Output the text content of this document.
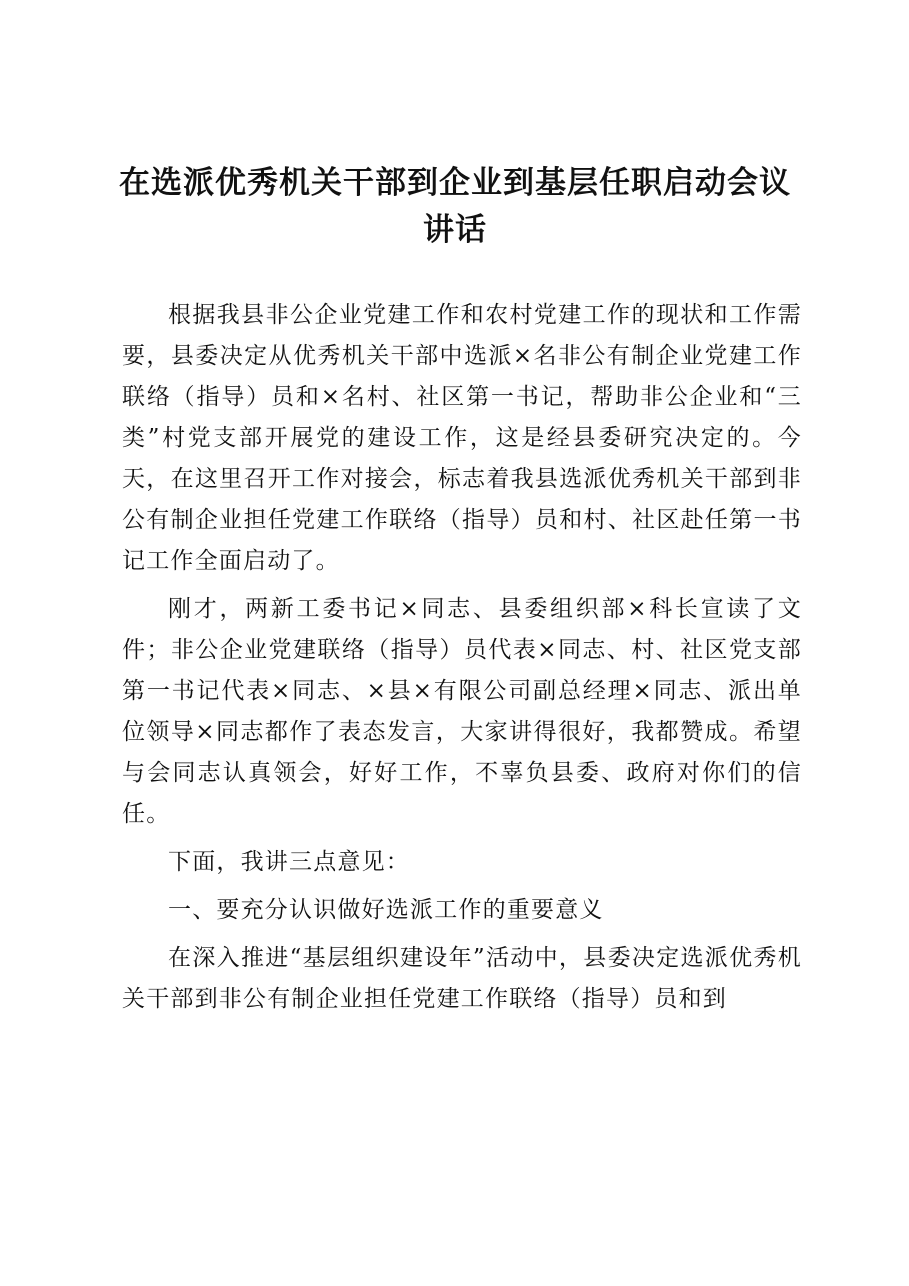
在选派优秀机关干部到企业到基层任职启动会议讲话

根据我县非公企业党建工作和农村党建工作的现状和工作需要，县委决定从优秀机关干部中选派×名非公有制企业党建工作联络（指导）员和×名村、社区第一书记，帮助非公企业和“三类”村党支部开展党的建设工作，这是经县委研究决定的。今天，在这里召开工作对接会，标志着我县选派优秀机关干部到非公有制企业担任党建工作联络（指导）员和村、社区赴任第一书记工作全面启动了。

刚才，两新工委书记×同志、县委组织部×科长宣读了文件；非公企业党建联络（指导）员代表×同志、村、社区党支部第一书记代表×同志、×县×有限公司副总经理×同志、派出单位领导×同志都作了表态发言，大家讲得很好，我都赞成。希望与会同志认真领会，好好工作，不辜负县委、政府对你们的信任。

下面，我讲三点意见：

一、要充分认识做好选派工作的重要意义

在深入推进“基层组织建设年”活动中，县委决定选派优秀机关干部到非公有制企业担任党建工作联络（指导）员和到
